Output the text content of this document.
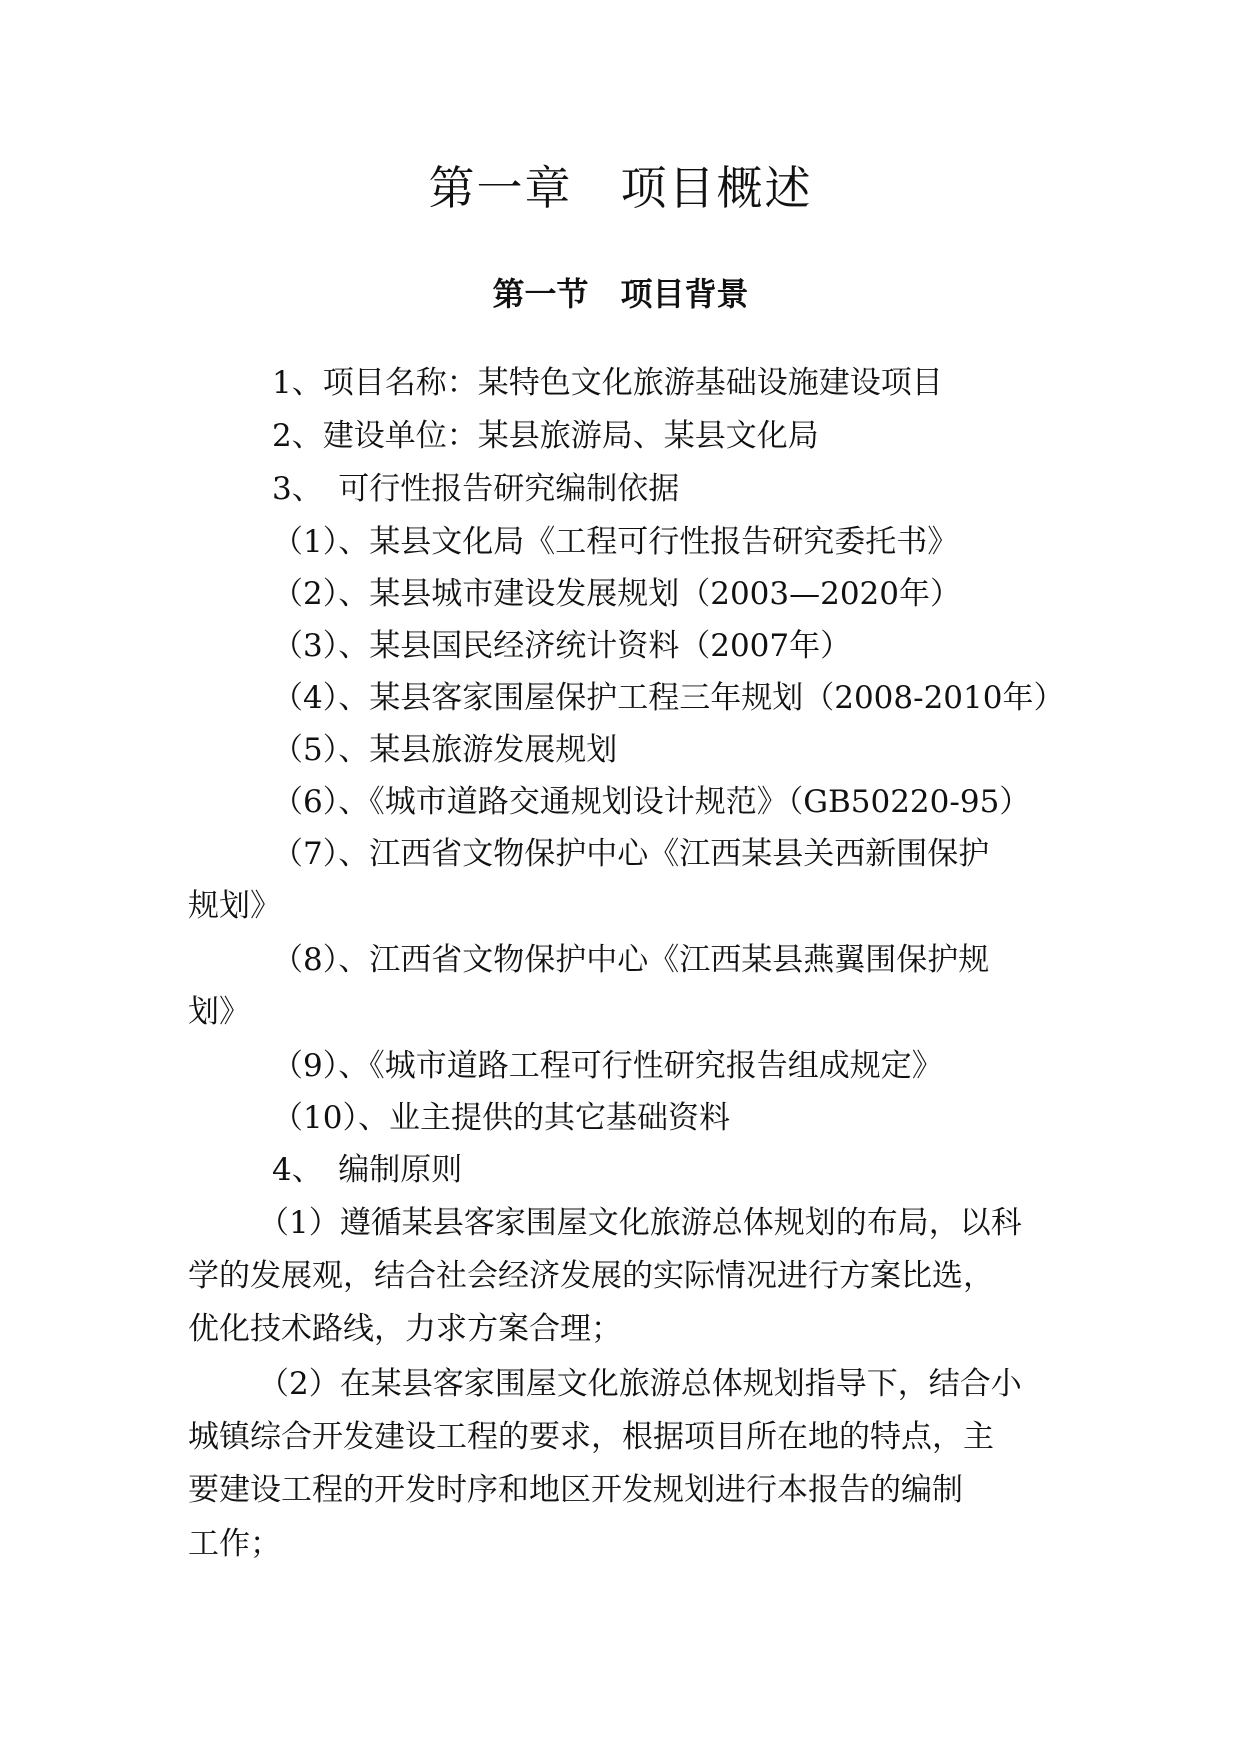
第一章　项目概述
第一节　项目背景
1、项目名称：某特色文化旅游基础设施建设项目
2、建设单位：某县旅游局、某县文化局
3、　可行性报告研究编制依据
（1）、某县文化局《工程可行性报告研究委托书》
（2）、某县城市建设发展规划（2003—2020年）
（3）、某县国民经济统计资料（2007年）
（4）、某县客家围屋保护工程三年规划（2008-2010年）
（5）、某县旅游发展规划
（6）、《城市道路交通规划设计规范》（GB50220-95）
（7）、江西省文物保护中心《江西某县关西新围保护
规划》
（8）、江西省文物保护中心《江西某县燕翼围保护规
划》
（9）、《城市道路工程可行性研究报告组成规定》
（10）、业主提供的其它基础资料
4、　编制原则
（1）遵循某县客家围屋文化旅游总体规划的布局，以科
学的发展观，结合社会经济发展的实际情况进行方案比选，
优化技术路线，力求方案合理；
（2）在某县客家围屋文化旅游总体规划指导下，结合小
城镇综合开发建设工程的要求，根据项目所在地的特点，主
要建设工程的开发时序和地区开发规划进行本报告的编制
工作；
